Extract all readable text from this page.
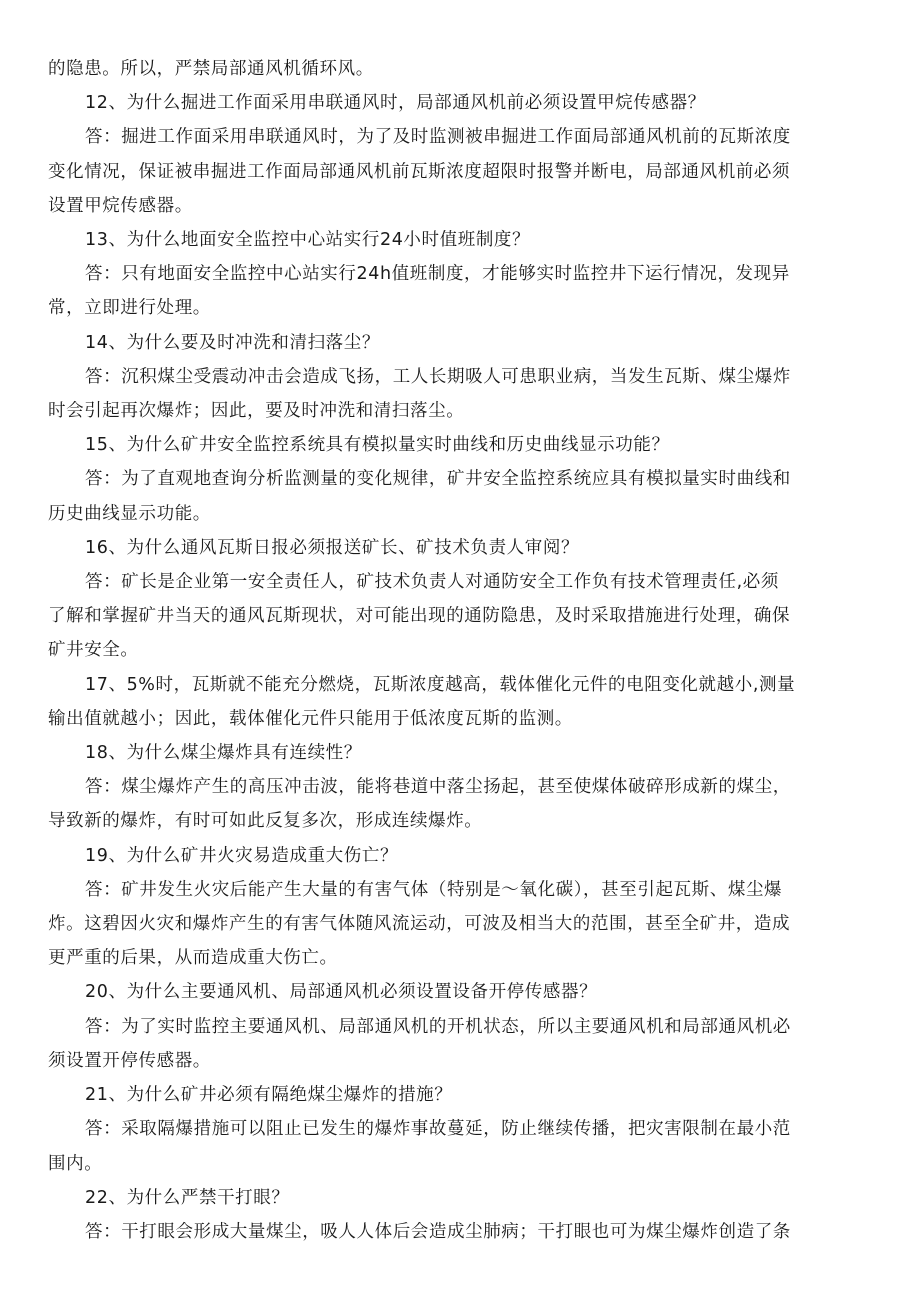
的隐患。所以，严禁局部通风机循环风。
12、为什么掘进工作面采用串联通风时，局部通风机前必须设置甲烷传感器？
答：掘进工作面采用串联通风时，为了及时监测被串掘进工作面局部通风机前的瓦斯浓度
变化情况，保证被串掘进工作面局部通风机前瓦斯浓度超限时报警并断电，局部通风机前必须
设置甲烷传感器。
13、为什么地面安全监控中心站实行24小时值班制度？
答：只有地面安全监控中心站实行24h值班制度，才能够实时监控井下运行情况，发现异
常，立即进行处理。
14、为什么要及时冲洗和清扫落尘？
答：沉积煤尘受震动冲击会造成飞扬，工人长期吸人可患职业病，当发生瓦斯、煤尘爆炸
时会引起再次爆炸；因此，要及时冲洗和清扫落尘。
15、为什么矿井安全监控系统具有模拟量实时曲线和历史曲线显示功能？
答：为了直观地查询分析监测量的变化规律，矿井安全监控系统应具有模拟量实时曲线和
历史曲线显示功能。
16、为什么通风瓦斯日报必须报送矿长、矿技术负责人审阅？
答：矿长是企业第一安全责任人，矿技术负责人对通防安全工作负有技术管理责任,必须
了解和掌握矿井当天的通风瓦斯现状，对可能出现的通防隐患，及时采取措施进行处理，确保
矿井安全。
17、5%时，瓦斯就不能充分燃烧，瓦斯浓度越高，载体催化元件的电阻变化就越小,测量
输出值就越小；因此，载体催化元件只能用于低浓度瓦斯的监测。
18、为什么煤尘爆炸具有连续性？
答：煤尘爆炸产生的高压冲击波，能将巷道中落尘扬起，甚至使煤体破碎形成新的煤尘，
导致新的爆炸，有时可如此反复多次，形成连续爆炸。
19、为什么矿井火灾易造成重大伤亡？
答：矿井发生火灾后能产生大量的有害气体（特别是～氧化碳），甚至引起瓦斯、煤尘爆
炸。这碧因火灾和爆炸产生的有害气体随风流运动，可波及相当大的范围，甚至全矿井，造成
更严重的后果，从而造成重大伤亡。
20、为什么主要通风机、局部通风机必须设置设备开停传感器？
答：为了实时监控主要通风机、局部通风机的开机状态，所以主要通风机和局部通风机必
须设置开停传感器。
21、为什么矿井必须有隔绝煤尘爆炸的措施？
答：采取隔爆措施可以阻止已发生的爆炸事故蔓延，防止继续传播，把灾害限制在最小范
围内。
22、为什么严禁干打眼？
答：干打眼会形成大量煤尘，吸人人体后会造成尘肺病；干打眼也可为煤尘爆炸创造了条
